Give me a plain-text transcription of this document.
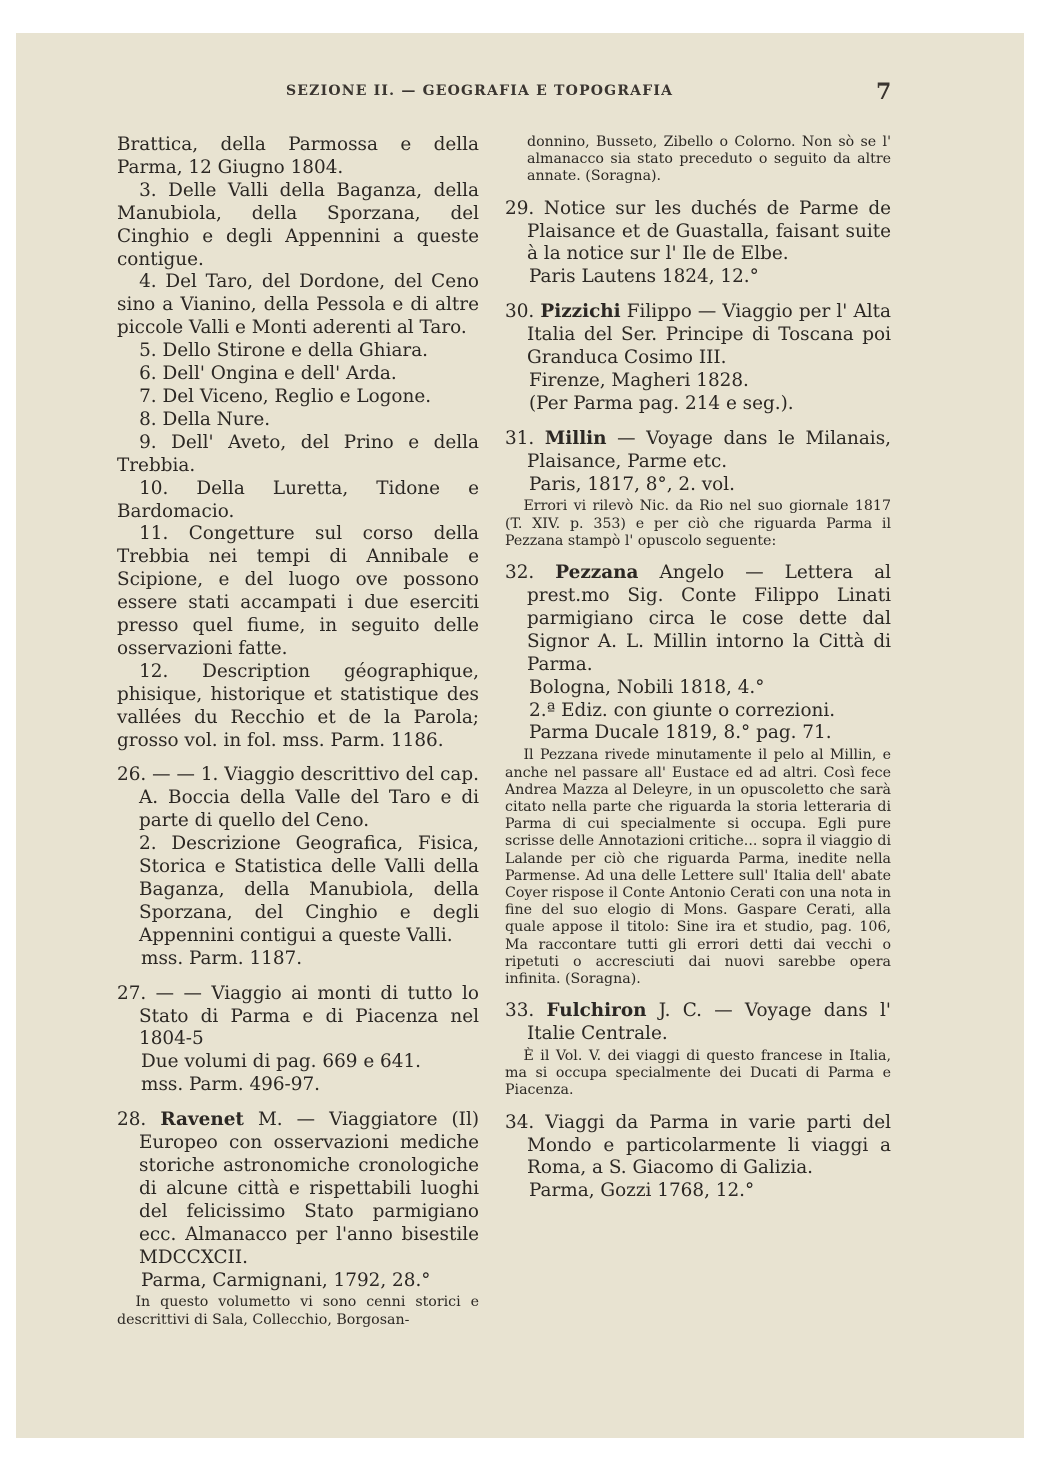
SEZIONE II. — GEOGRAFIA E TOPOGRAFIA	7

Brattica, della Parmossa e della Parma, 12 Giugno 1804.

3. Delle Valli della Baganza, della Manubiola, della Sporzana, del Cinghio e degli Appennini a queste contigue.

4. Del Taro, del Dordone, del Ceno sino a Vianino, della Pessola e di altre piccole Valli e Monti aderenti al Taro.

5. Dello Stirone e della Ghiara.

6. Dell' Ongina e dell' Arda.

7. Del Viceno, Reglio e Logone.

8. Della Nure.

9. Dell' Aveto, del Prino e della Trebbia.

10. Della Luretta, Tidone e Bardomacio.

11. Congetture sul corso della Trebbia nei tempi di Annibale e Scipione, e del luogo ove possono essere stati accampati i due eserciti presso quel fiume, in seguito delle osservazioni fatte.

12. Description géographique, phisique, historique et statistique des vallées du Recchio et de la Parola; grosso vol. in fol. mss. Parm. 1186.

26. — — 1. Viaggio descrittivo del cap. A. Boccia della Valle del Taro e di parte di quello del Ceno.

2. Descrizione Geografica, Fisica, Storica e Statistica delle Valli della Baganza, della Manubiola, della Sporzana, del Cinghio e degli Appennini contigui a queste Valli.

mss. Parm. 1187.

27. — — Viaggio ai monti di tutto lo Stato di Parma e di Piacenza nel 1804-5

Due volumi di pag. 669 e 641.

mss. Parm. 496-97.

28. Ravenet M. — Viaggiatore (Il) Europeo con osservazioni mediche storiche astronomiche cronologiche di alcune città e rispettabili luoghi del felicissimo Stato parmigiano ecc. Almanacco per l'anno bisestile MDCCXCII.

Parma, Carmignani, 1792, 28.°

In questo volumetto vi sono cenni storici e descrittivi di Sala, Collecchio, Borgosan-

donnino, Busseto, Zibello o Colorno. Non sò se l' almanacco sia stato preceduto o seguito da altre annate. (Soragna).

29. Notice sur les duchés de Parme de Plaisance et de Guastalla, faisant suite à la notice sur l' Ile de Elbe.

Paris Lautens 1824, 12.°

30. Pizzichi Filippo — Viaggio per l' Alta Italia del Ser. Principe di Toscana poi Granduca Cosimo III.

Firenze, Magheri 1828.

(Per Parma pag. 214 e seg.).

31. Millin — Voyage dans le Milanais, Plaisance, Parme etc.

Paris, 1817, 8°, 2. vol.

Errori vi rilevò Nic. da Rio nel suo giornale 1817 (T. XIV. p. 353) e per ciò che riguarda Parma il Pezzana stampò l' opuscolo seguente:

32. Pezzana Angelo — Lettera al prest.mo Sig. Conte Filippo Linati parmigiano circa le cose dette dal Signor A. L. Millin intorno la Città di Parma.

Bologna, Nobili 1818, 4.°

2.ª Ediz. con giunte o correzioni.

Parma Ducale 1819, 8.° pag. 71.

Il Pezzana rivede minutamente il pelo al Millin, e anche nel passare all' Eustace ed ad altri. Così fece Andrea Mazza al Deleyre, in un opuscoletto che sarà citato nella parte che riguarda la storia letteraria di Parma di cui specialmente si occupa. Egli pure scrisse delle Annotazioni critiche... sopra il viaggio di Lalande per ciò che riguarda Parma, inedite nella Parmense. Ad una delle Lettere sull' Italia dell' abate Coyer rispose il Conte Antonio Cerati con una nota in fine del suo elogio di Mons. Gaspare Cerati, alla quale appose il titolo: Sine ira et studio, pag. 106, Ma raccontare tutti gli errori detti dai vecchi o ripetuti o accresciuti dai nuovi sarebbe opera infinita. (Soragna).

33. Fulchiron J. C. — Voyage dans l' Italie Centrale.

È il Vol. V. dei viaggi di questo francese in Italia, ma si occupa specialmente dei Ducati di Parma e Piacenza.

34. Viaggi da Parma in varie parti del Mondo e particolarmente li viaggi a Roma, a S. Giacomo di Galizia.

Parma, Gozzi 1768, 12.°
